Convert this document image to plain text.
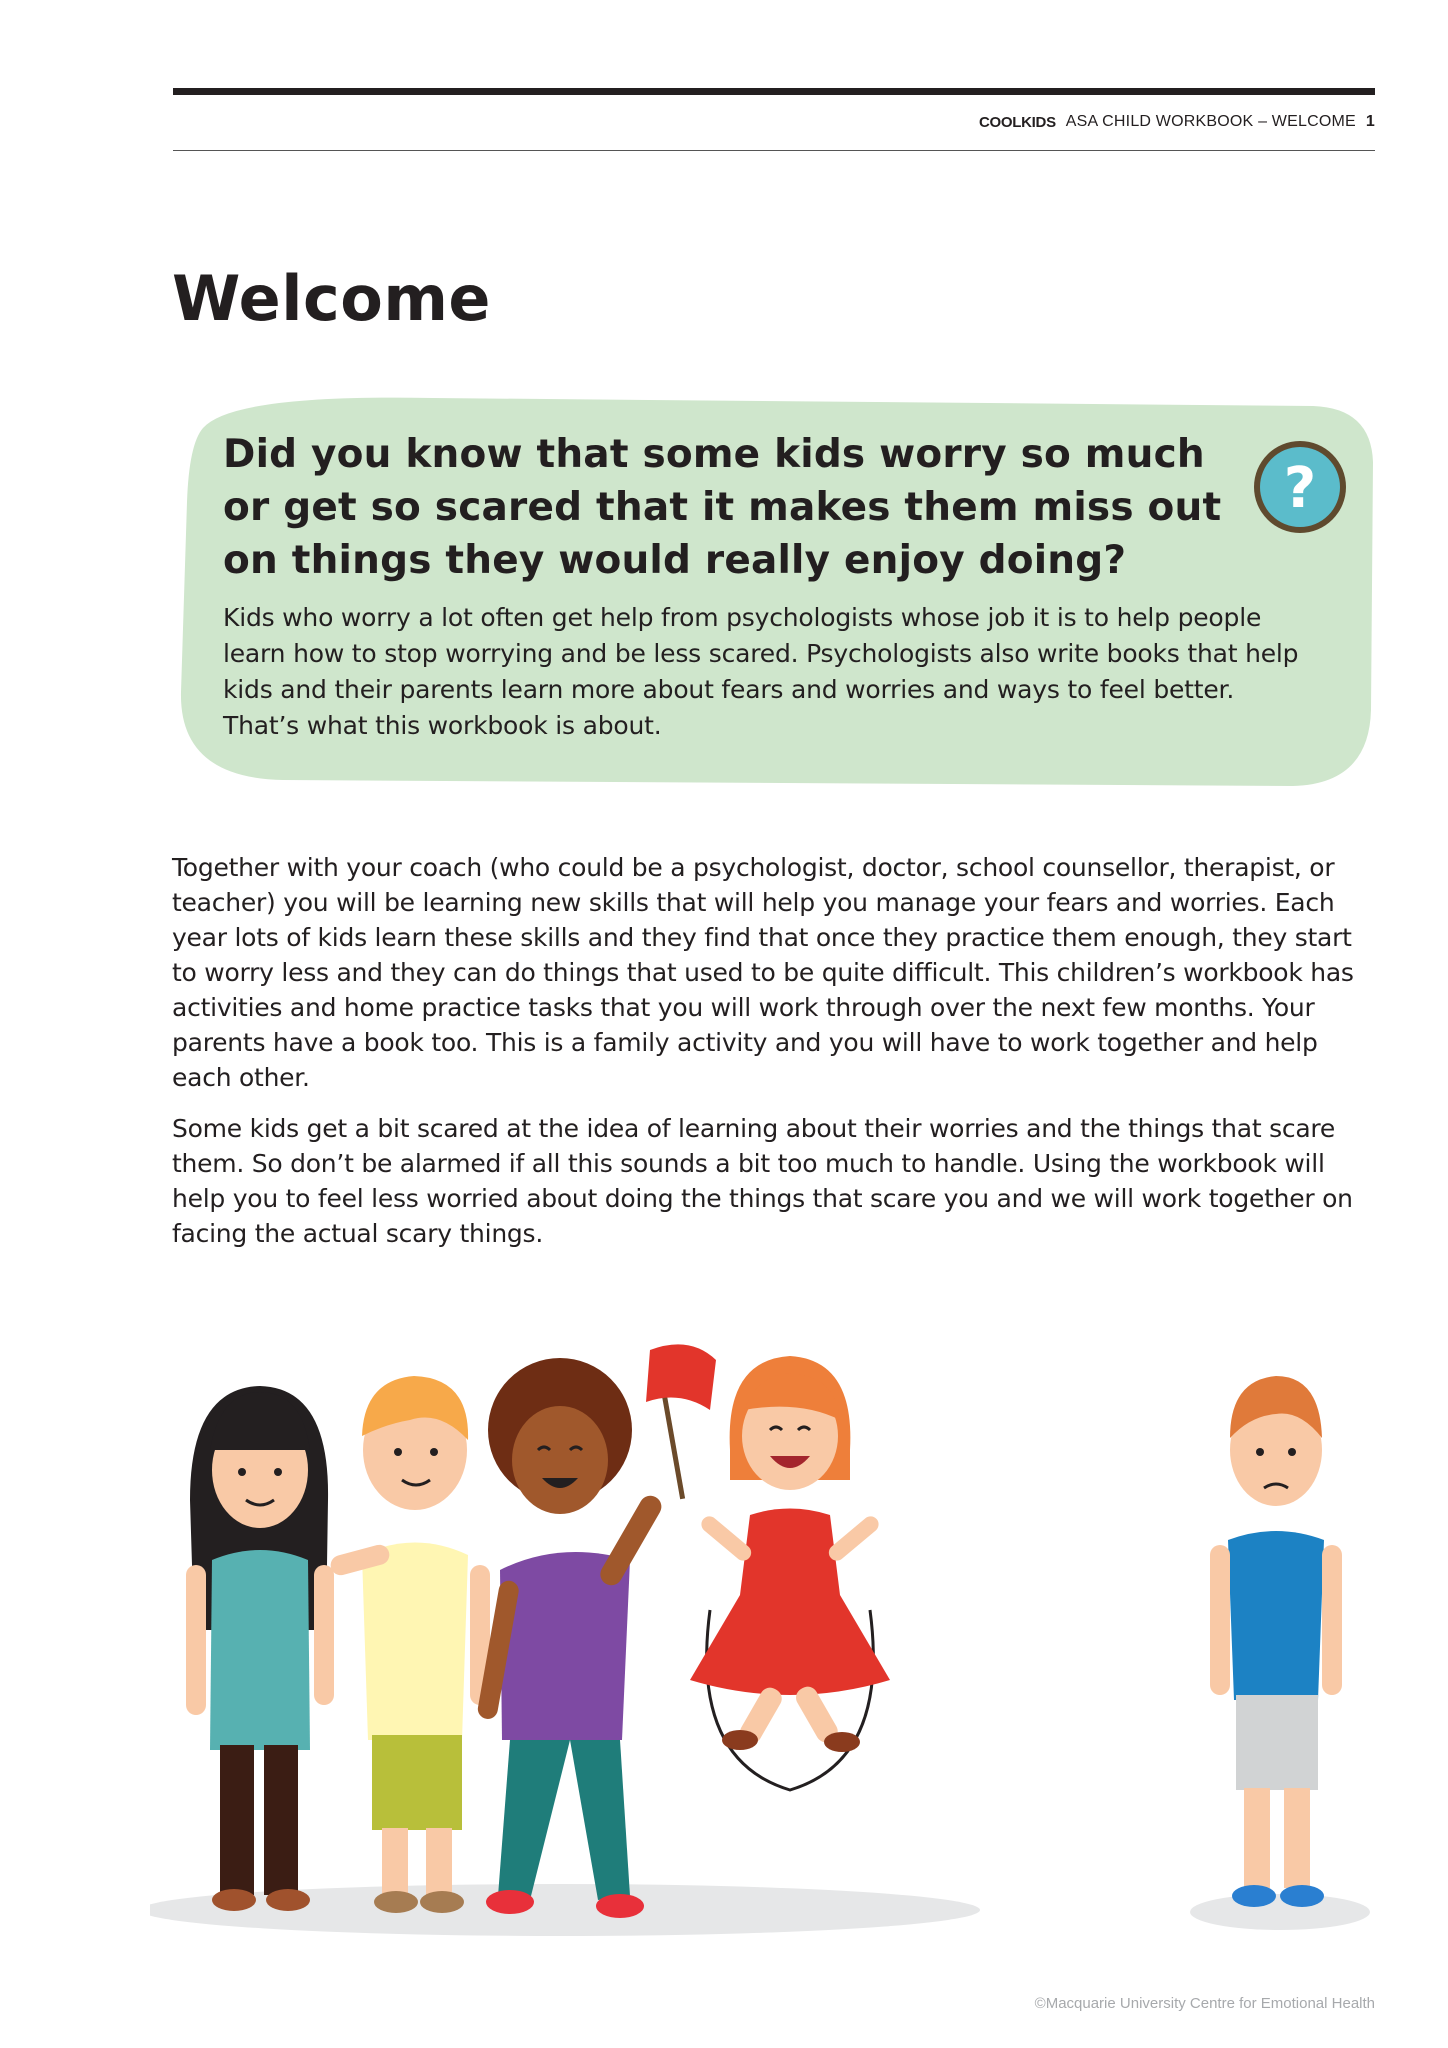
COOLKIDS ASA CHILD WORKBOOK – WELCOME 1
Welcome
Did you know that some kids worry so much or get so scared that it makes them miss out on things they would really enjoy doing?

Kids who worry a lot often get help from psychologists whose job it is to help people learn how to stop worrying and be less scared. Psychologists also write books that help kids and their parents learn more about fears and worries and ways to feel better. That’s what this workbook is about.

?

Together with your coach (who could be a psychologist, doctor, school counsellor, therapist, or teacher) you will be learning new skills that will help you manage your fears and worries. Each year lots of kids learn these skills and they find that once they practice them enough, they start to worry less and they can do things that used to be quite difficult. This children’s workbook has activities and home practice tasks that you will work through over the next few months. Your parents have a book too. This is a family activity and you will have to work together and help each other.

Some kids get a bit scared at the idea of learning about their worries and the things that scare them. So don’t be alarmed if all this sounds a bit too much to handle. Using the workbook will help you to feel less worried about doing the things that scare you and we will work together on facing the actual scary things.

©Macquarie University Centre for Emotional Health
